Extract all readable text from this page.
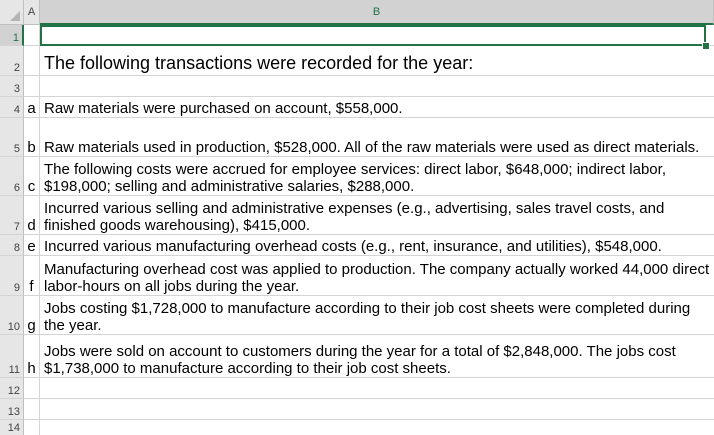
A	B
1
2 The following transactions were recorded for the year:
3
4 a Raw materials were purchased on account, $558,000.
5 b Raw materials used in production, $528,000. All of the raw materials were used as direct materials.
6 c
The following costs were accrued for employee services: direct labor, $648,000; indirect labor, $198,000; selling and administrative salaries, $288,000.
7 d
Incurred various selling and administrative expenses (e.g., advertising, sales travel costs, and finished goods warehousing), $415,000.
8 e Incurred various manufacturing overhead costs (e.g., rent, insurance, and utilities), $548,000.
9 f
Manufacturing overhead cost was applied to production. The company actually worked 44,000 direct labor-hours on all jobs during the year.
10 g
Jobs costing $1,728,000 to manufacture according to their job cost sheets were completed during the year.
11 h
Jobs were sold on account to customers during the year for a total of $2,848,000. The jobs cost $1,738,000 to manufacture according to their job cost sheets.
12
13
14
